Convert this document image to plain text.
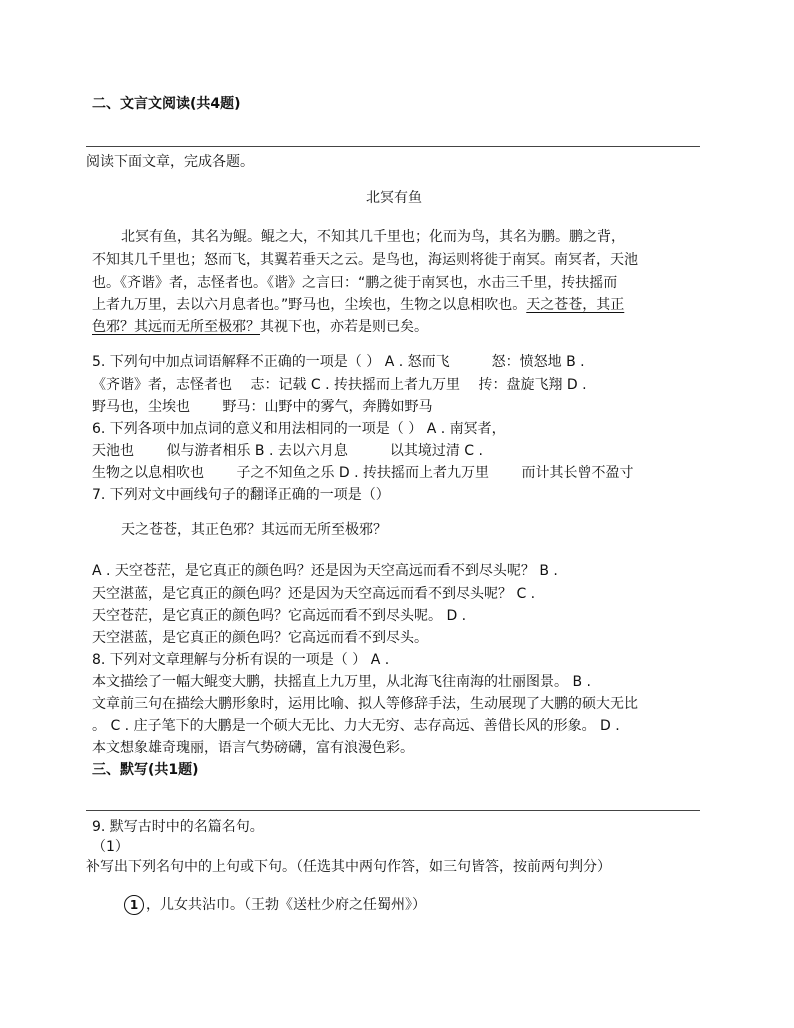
二、文言文阅读(共4题)
阅读下面文章，完成各题。
北冥有鱼
北冥有鱼，其名为鲲。鲲之大，不知其几千里也；化而为鸟，其名为鹏。鹏之背，
不知其几千里也；怒而飞，其翼若垂天之云。是鸟也，海运则将徙于南冥。南冥者，天池
也。《齐谐》者，志怪者也。《谐》之言曰：“鹏之徙于南冥也，水击三千里，抟扶摇而
上者九万里，去以六月息者也。”野马也，尘埃也，生物之以息相吹也。天之苍苍，其正
色邪？其远而无所至极邪？其视下也，亦若是则已矣。
5. 下列句中加点词语解释不正确的一项是（ ） A . 怒而飞　　　怒：愤怒地 B .
《齐谐》者，志怪者也　 志：记载 C . 抟扶摇而上者九万里　 抟：盘旋飞翔 D .
野马也，尘埃也　　 野马：山野中的雾气，奔腾如野马
6. 下列各项中加点词的意义和用法相同的一项是（ ） A . 南冥者，
天池也　　 似与游者相乐 B . 去以六月息　　　以其境过清 C .
生物之以息相吹也　　 子之不知鱼之乐 D . 抟扶摇而上者九万里　　 而计其长曾不盈寸
7. 下列对文中画线句子的翻译正确的一项是（）
天之苍苍，其正色邪？其远而无所至极邪？
A . 天空苍茫，是它真正的颜色吗？还是因为天空高远而看不到尽头呢？ B .
天空湛蓝，是它真正的颜色吗？还是因为天空高远而看不到尽头呢？ C .
天空苍茫，是它真正的颜色吗？它高远而看不到尽头呢。 D .
天空湛蓝，是它真正的颜色吗？它高远而看不到尽头。
8. 下列对文章理解与分析有误的一项是（ ） A .
本文描绘了一幅大鲲变大鹏，扶摇直上九万里，从北海飞往南海的壮丽图景。 B .
文章前三句在描绘大鹏形象时，运用比喻、拟人等修辞手法，生动展现了大鹏的硕大无比
。 C . 庄子笔下的大鹏是一个硕大无比、力大无穷、志存高远、善借长风的形象。 D .
本文想象雄奇瑰丽，语言气势磅礴，富有浪漫色彩。
三、默写(共1题)
9. 默写古时中的名篇名句。
（1）
补写出下列名句中的上句或下句。（任选其中两句作答，如三句皆答，按前两句判分）
1 ，儿女共沾巾。（王勃《送杜少府之任蜀州》）
